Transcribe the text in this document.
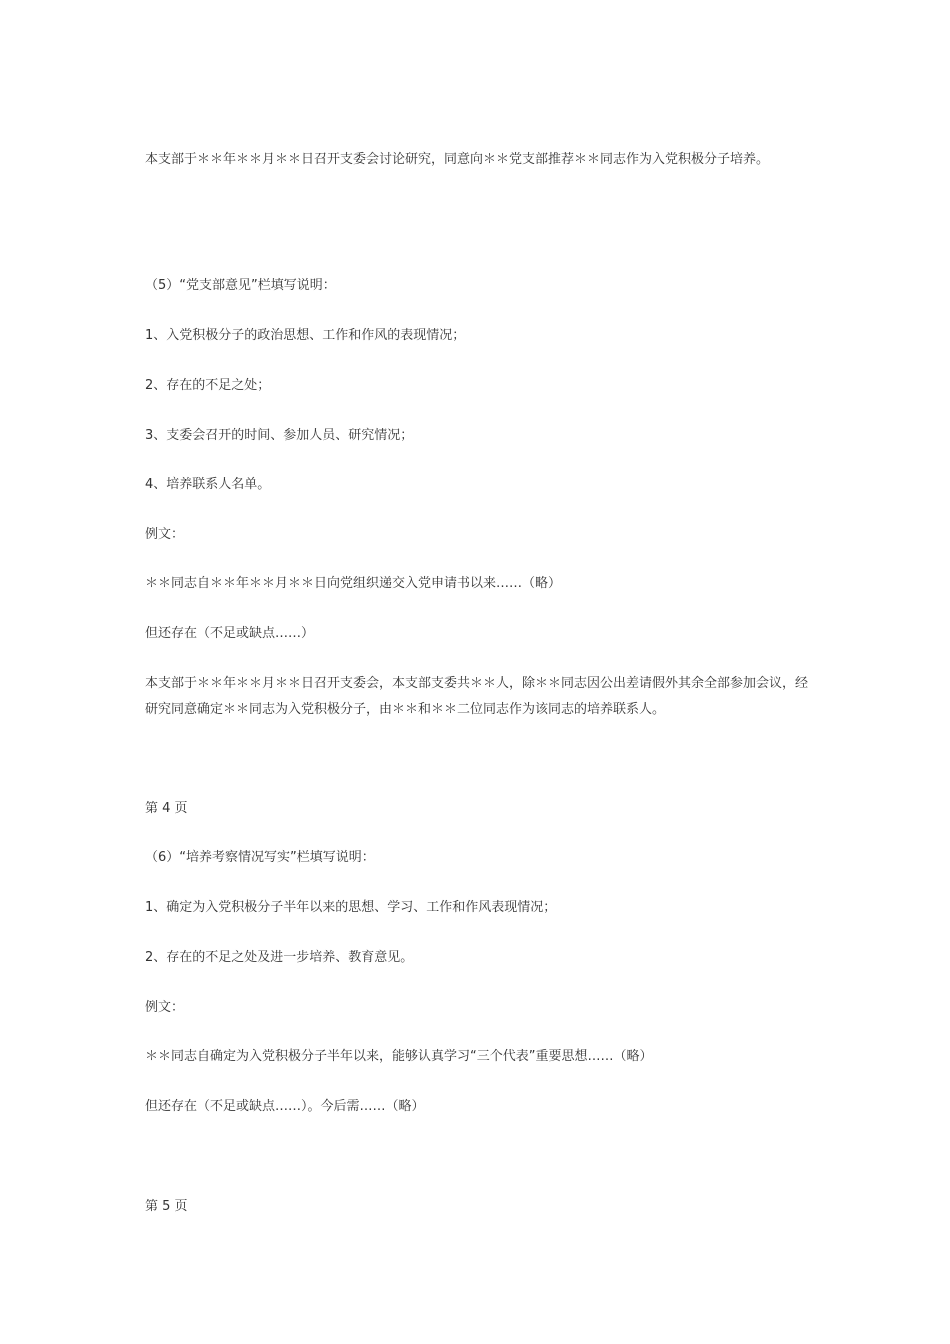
本支部于＊＊年＊＊月＊＊日召开支委会讨论研究，同意向＊＊党支部推荐＊＊同志作为入党积极分子培养。

（5）“党支部意见”栏填写说明：

1、入党积极分子的政治思想、工作和作风的表现情况；

2、存在的不足之处；

3、支委会召开的时间、参加人员、研究情况；

4、培养联系人名单。

例文：

＊＊同志自＊＊年＊＊月＊＊日向党组织递交入党申请书以来……（略）

但还存在（不足或缺点……）

本支部于＊＊年＊＊月＊＊日召开支委会，本支部支委共＊＊人，除＊＊同志因公出差请假外其余全部参加会议，经研究同意确定＊＊同志为入党积极分子，由＊＊和＊＊二位同志作为该同志的培养联系人。

第 4 页

（6）“培养考察情况写实”栏填写说明：

1、确定为入党积极分子半年以来的思想、学习、工作和作风表现情况；

2、存在的不足之处及进一步培养、教育意见。

例文：

＊＊同志自确定为入党积极分子半年以来，能够认真学习“三个代表”重要思想……（略）

但还存在（不足或缺点……）。今后需……（略）

第 5 页
